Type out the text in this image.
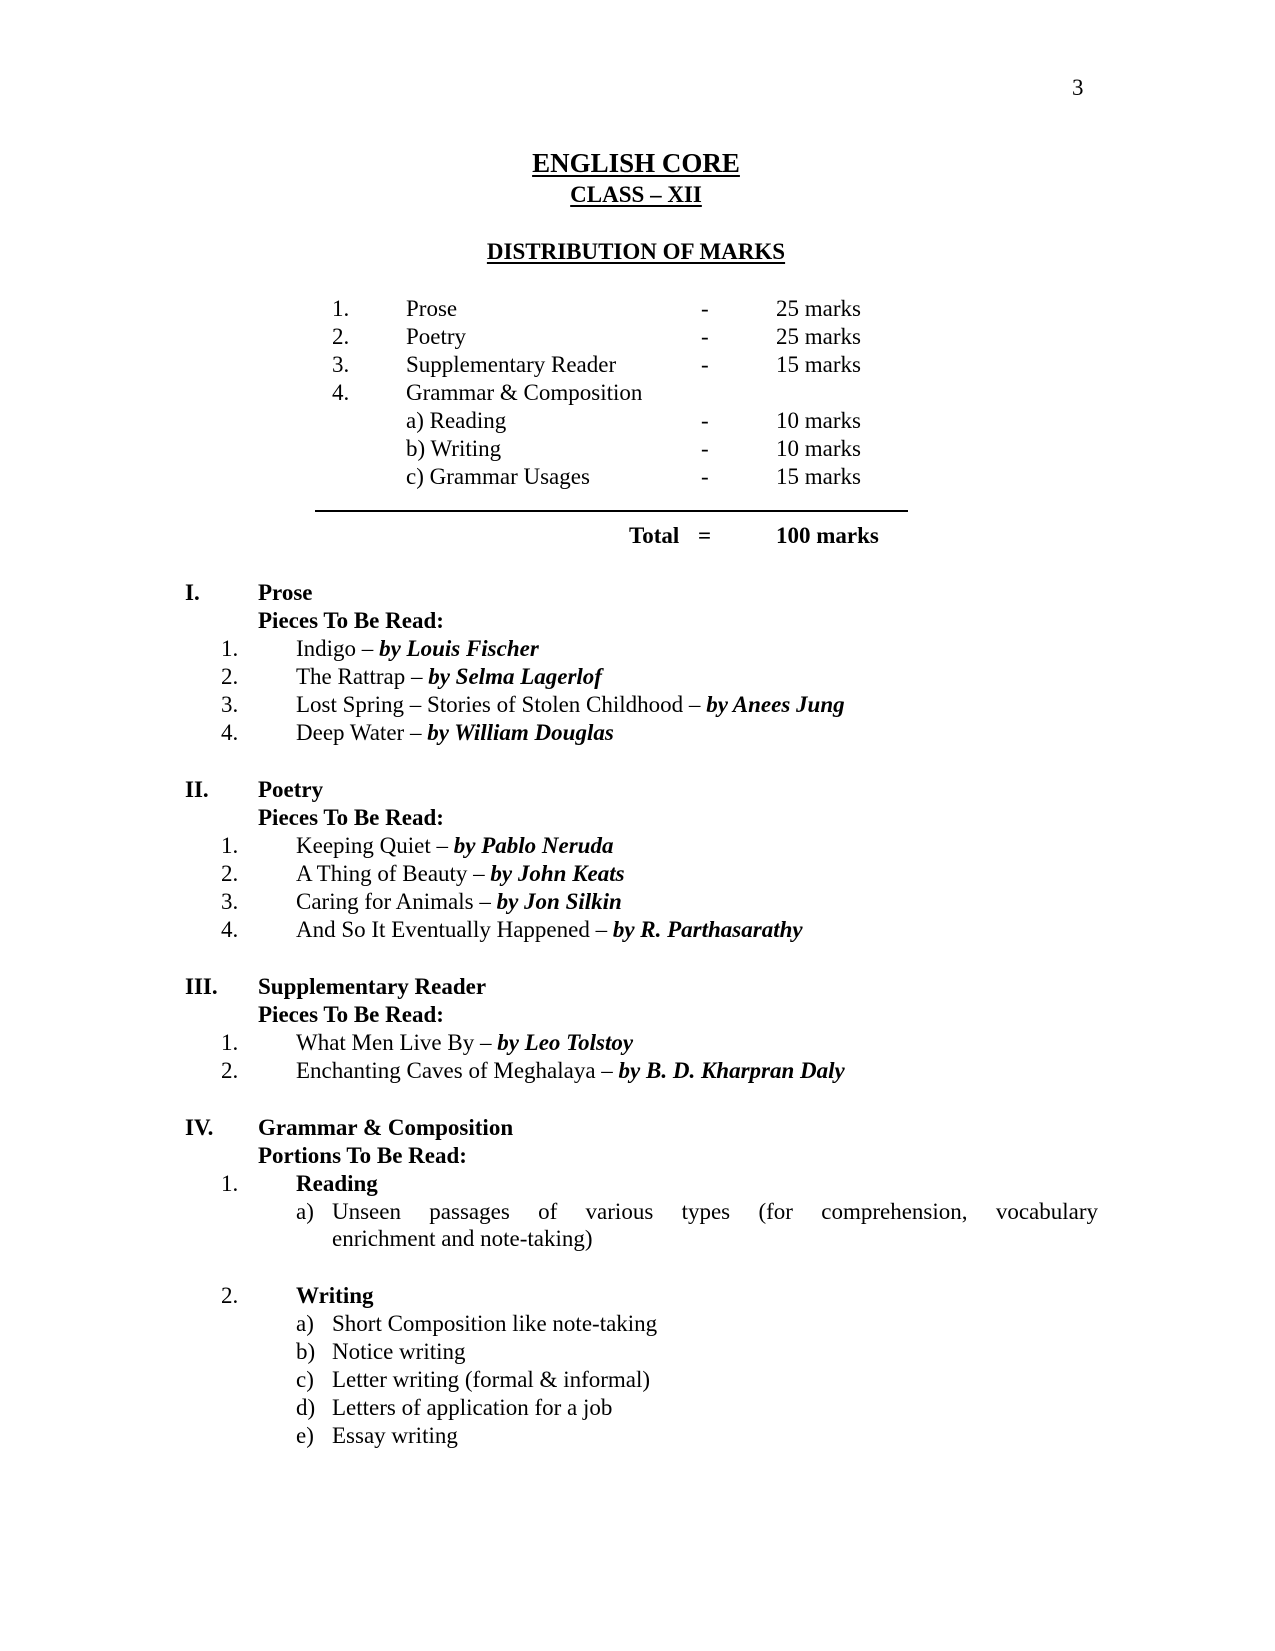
3
ENGLISH CORE
CLASS – XII
DISTRIBUTION OF MARKS
1. Prose	-	25 marks
2. Poetry	-	25 marks
3. Supplementary Reader	-	15 marks
4. Grammar & Composition
a) Reading	-	10 marks
b) Writing	-	10 marks
c) Grammar Usages	-	15 marks
Total =	100 marks
I.	Prose
Pieces To Be Read:
1.	Indigo – by Louis Fischer
2.	The Rattrap – by Selma Lagerlof
3.	Lost Spring – Stories of Stolen Childhood – by Anees Jung
4.	Deep Water – by William Douglas
II. Poetry
Pieces To Be Read:
1.	Keeping Quiet – by Pablo Neruda
2.	A Thing of Beauty – by John Keats
3.	Caring for Animals – by Jon Silkin
4.	And So It Eventually Happened – by R. Parthasarathy
III. Supplementary Reader
Pieces To Be Read:
1.	What Men Live By – by Leo Tolstoy
2.	Enchanting Caves of Meghalaya – by B. D. Kharpran Daly
IV. Grammar & Composition
Portions To Be Read:
1.	Reading
a) Unseen passages of various types (for comprehension, vocabulary
enrichment and note-taking)
2.	Writing
a) Short Composition like note-taking
b) Notice writing
c) Letter writing (formal & informal)
d) Letters of application for a job
e) Essay writing
